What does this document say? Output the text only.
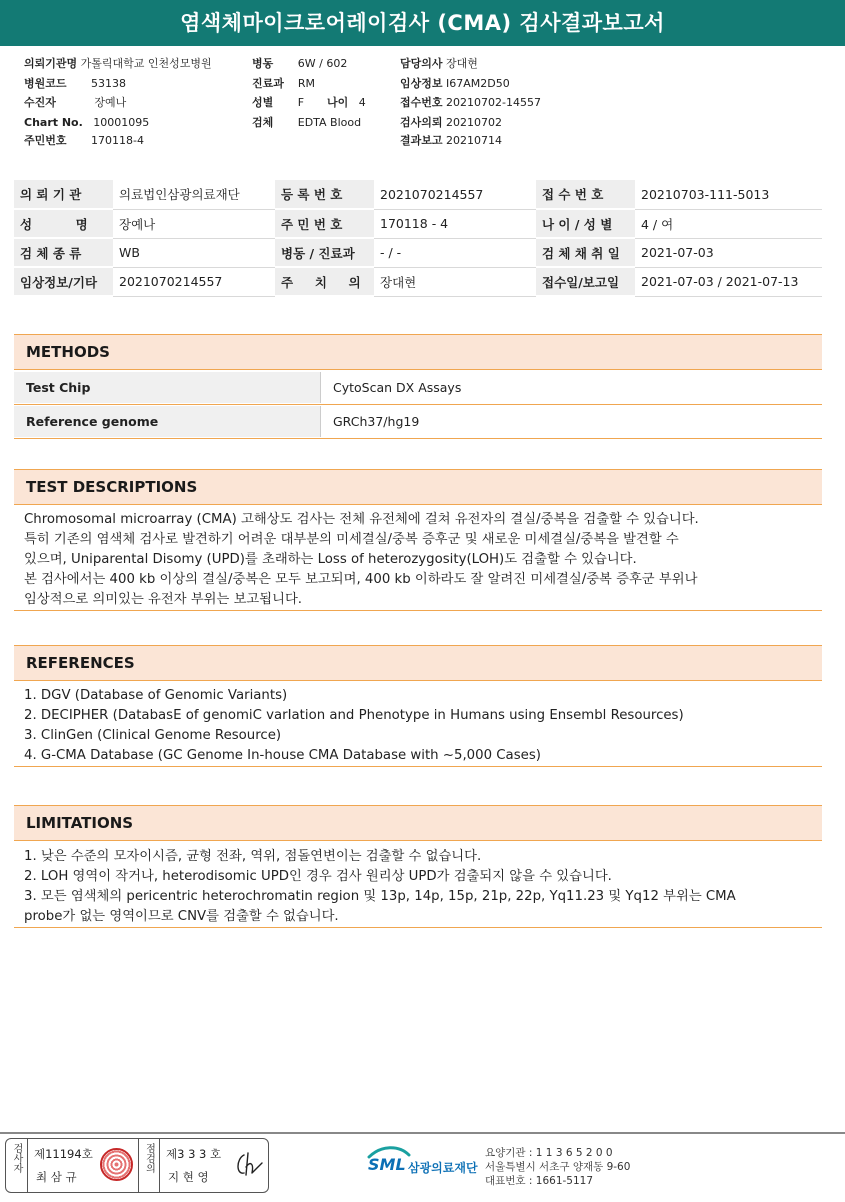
염색체마이크로어레이검사 (CMA) 검사결과보고서
의뢰기관명 가톨릭대학교 인천성모병원
병원코드 53138
수진자	장예나
Chart No. 10001095
주민번호 170118-4
병동 6W / 602
진료과 RM
성별 F 나이 4
검체 EDTA Blood
담당의사 장대현
임상정보 I67AM2D50
접수번호 20210702-14557
검사의뢰 20210702
결과보고 20210714
의 뢰 기 관	의료법인삼광의료재단	등 록 번 호	2021070214557	접 수 번 호	20210703-111-5013
성          명	장예나	주 민 번 호	170118 - 4	나 이 / 성 별	4 / 여
검 체 종 류	WB	병동 / 진료과	- / -	검 체 채 취 일	2021-07-03
임상정보/기타	2021070214557	주     치     의	장대현	접수일/보고일	2021-07-03 / 2021-07-13
METHODS
Test Chip	CytoScan DX Assays
Reference genome	GRCh37/hg19
TEST DESCRIPTIONS
Chromosomal microarray (CMA) 고해상도 검사는 전체 유전체에 걸쳐 유전자의 결실/중복을 검출할 수 있습니다.
특히 기존의 염색체 검사로 발견하기 어려운 대부분의 미세결실/중복 증후군 및 새로운 미세결실/중복을 발견할 수
있으며, Uniparental Disomy (UPD)를 초래하는 Loss of heterozygosity(LOH)도 검출할 수 있습니다.
본 검사에서는 400 kb 이상의 결실/중복은 모두 보고되며, 400 kb 이하라도 잘 알려진 미세결실/중복 증후군 부위나
임상적으로 의미있는 유전자 부위는 보고됩니다.
REFERENCES
1. DGV (Database of Genomic Variants)
2. DECIPHER (DatabasE of genomiC varIation and Phenotype in Humans using Ensembl Resources)
3. ClinGen (Clinical Genome Resource)
4. G-CMA Database (GC Genome In-house CMA Database with ~5,000 Cases)
LIMITATIONS
1. 낮은 수준의 모자이시즘, 균형 전좌, 역위, 점돌연변이는 검출할 수 없습니다.
2. LOH 영역이 작거나, heterodisomic UPD인 경우 검사 원리상 UPD가 검출되지 않을 수 있습니다.
3. 모든 염색체의 pericentric heterochromatin region 및 13p, 14p, 15p, 21p, 22p, Yq11.23 및 Yq12 부위는 CMA
probe가 없는 영역이므로 CNV를 검출할 수 없습니다.
검사자	제11194호
최 삼 규
점검의	제3 3 3 호
지 현 영
SML 삼광의료재단
요양기관 : 1 1 3 6 5 2 0 0
서울특별시 서초구 양재동 9-60
대표번호 : 1661-5117
